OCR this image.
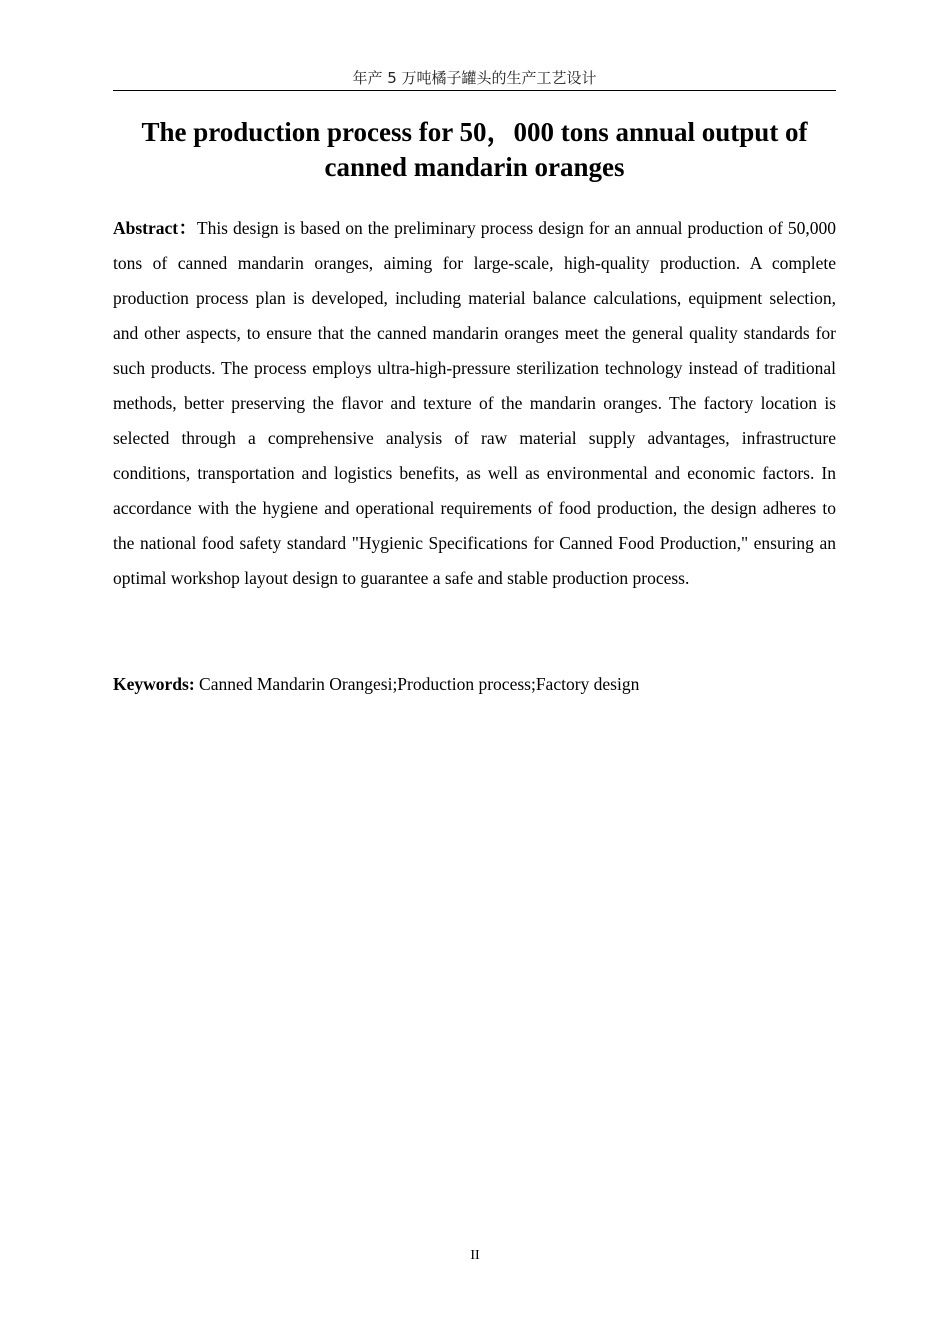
年产 5 万吨橘子罐头的生产工艺设计
The production process for 50，000 tons annual output of
canned mandarin oranges

Abstract：This design is based on the preliminary process design for an annual production of 50,000 tons of canned mandarin oranges, aiming for large-scale, high-quality production. A complete production process plan is developed, including material balance calculations, equipment selection, and other aspects, to ensure that the canned mandarin oranges meet the general quality standards for such products. The process employs ultra-high-pressure sterilization technology instead of traditional methods, better preserving the flavor and texture of the mandarin oranges. The factory location is selected through a comprehensive analysis of raw material supply advantages, infrastructure conditions, transportation and logistics benefits, as well as environmental and economic factors. In accordance with the hygiene and operational requirements of food production, the design adheres to the national food safety standard "Hygienic Specifications for Canned Food Production," ensuring an optimal workshop layout design to guarantee a safe and stable production process.

Keywords: Canned Mandarin Orangesi;Production process;Factory design

II
